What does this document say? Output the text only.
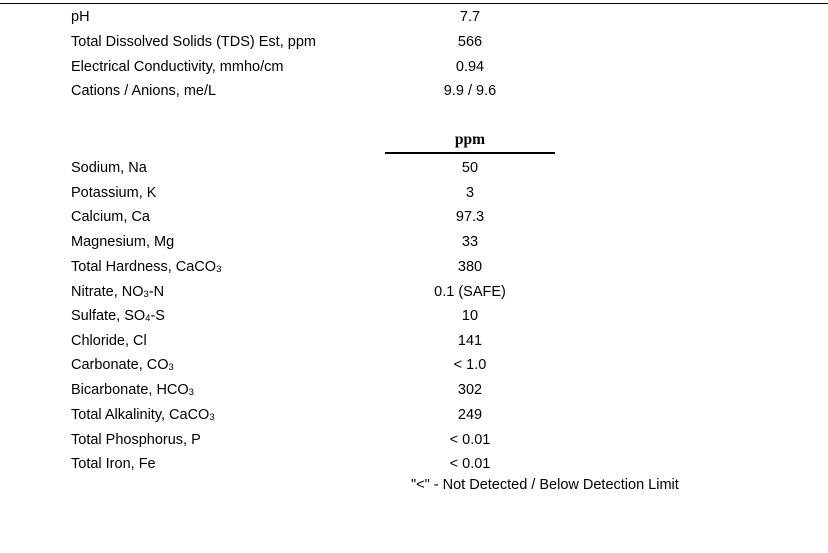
pH	7.7
Total Dissolved Solids (TDS) Est, ppm	566
Electrical Conductivity, mmho/cm	0.94
Cations / Anions, me/L	9.9 / 9.6
ppm
Sodium, Na	50
Potassium, K	3
Calcium, Ca	97.3
Magnesium, Mg	33
Total Hardness, CaCO$_3$	380
Nitrate, $NO_3-N$	0.1 (SAFE)
Sulfate, $SO_4-S$	10
Chloride, Cl	141
Carbonate, $CO_3$	< 1.0
Bicarbonate, $HCO_3$	302
Total Alkalinity, CaCO$_3$	249
Total Phosphorus, P	< 0.01
Total Iron, Fe	< 0.01
"<" - Not Detected / Below Detection Limit
